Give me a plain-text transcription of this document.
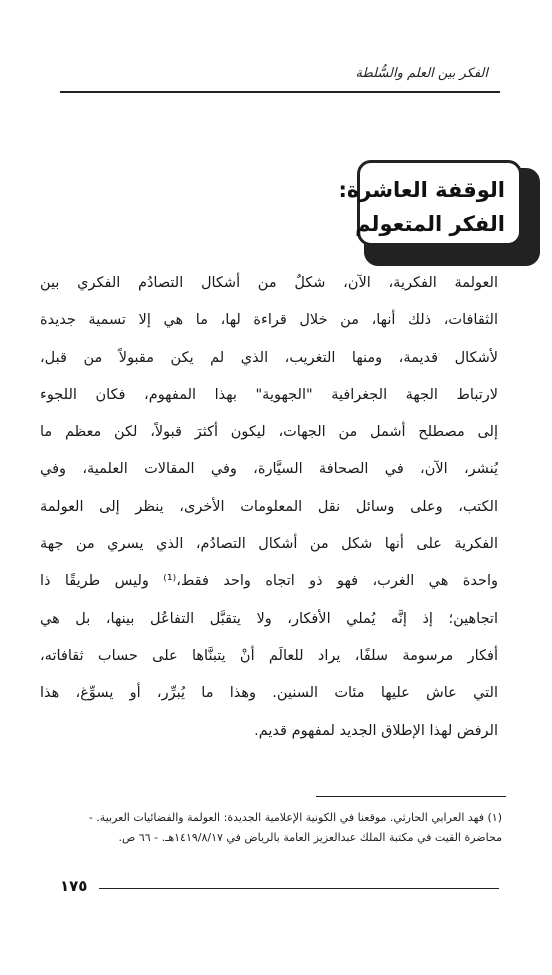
الفكر بين العلم والسُّلطة
الوقفة العاشرة:
الفكر المتعولم
العولمة الفكرية، الآن، شكلٌ من أشكال التصادُم الفكري بين
الثقافات، ذلك أنها، من خلال قراءة لها، ما هي إلا تسمية جديدة
لأشكال قديمة، ومنها التغريب، الذي لم يكن مقبولاً من قبل،
لارتباط الجهة الجغرافية "الجهوية" بهذا المفهوم، فكان اللجوء
إلى مصطلح أشمل من الجهات، ليكون أكثرَ قبولاً، لكن معظم ما
يُنشر، الآن، في الصحافة السيَّارة، وفي المقالات العلمية، وفي
الكتب، وعلى وسائل نقل المعلومات الأخرى، ينظر إلى العولمة
الفكرية على أنها شكل من أشكال التصادُم، الذي يسري من جهة
واحدة هي الغرب، فهو ذو اتجاه واحد فقط،⁽¹⁾ وليس طريقًا ذا
اتجاهين؛ إذ إنَّه يُملي الأفكار، ولا يتقبَّل التفاعُل بينها، بل هي
أفكار مرسومة سلفًا، يراد للعالَم أنْ يتبنَّاها على حساب ثقافاته،
التي عاش عليها مئات السنين. وهذا ما يُبرِّر، أو يسوِّغ، هذا
الرفض لهذا الإطلاق الجديد لمفهوم قديم.
(١) فهد العرابي الحارثي. موقعنا في الكونية الإعلامية الجديدة: العولمة والفضائيات العربية. -
محاضرة القيت في مكتبة الملك عبدالعزيز العامة بالرياض في ١٤١٩/٨/١٧هـ. - ٦٦ ص.
١٧٥
